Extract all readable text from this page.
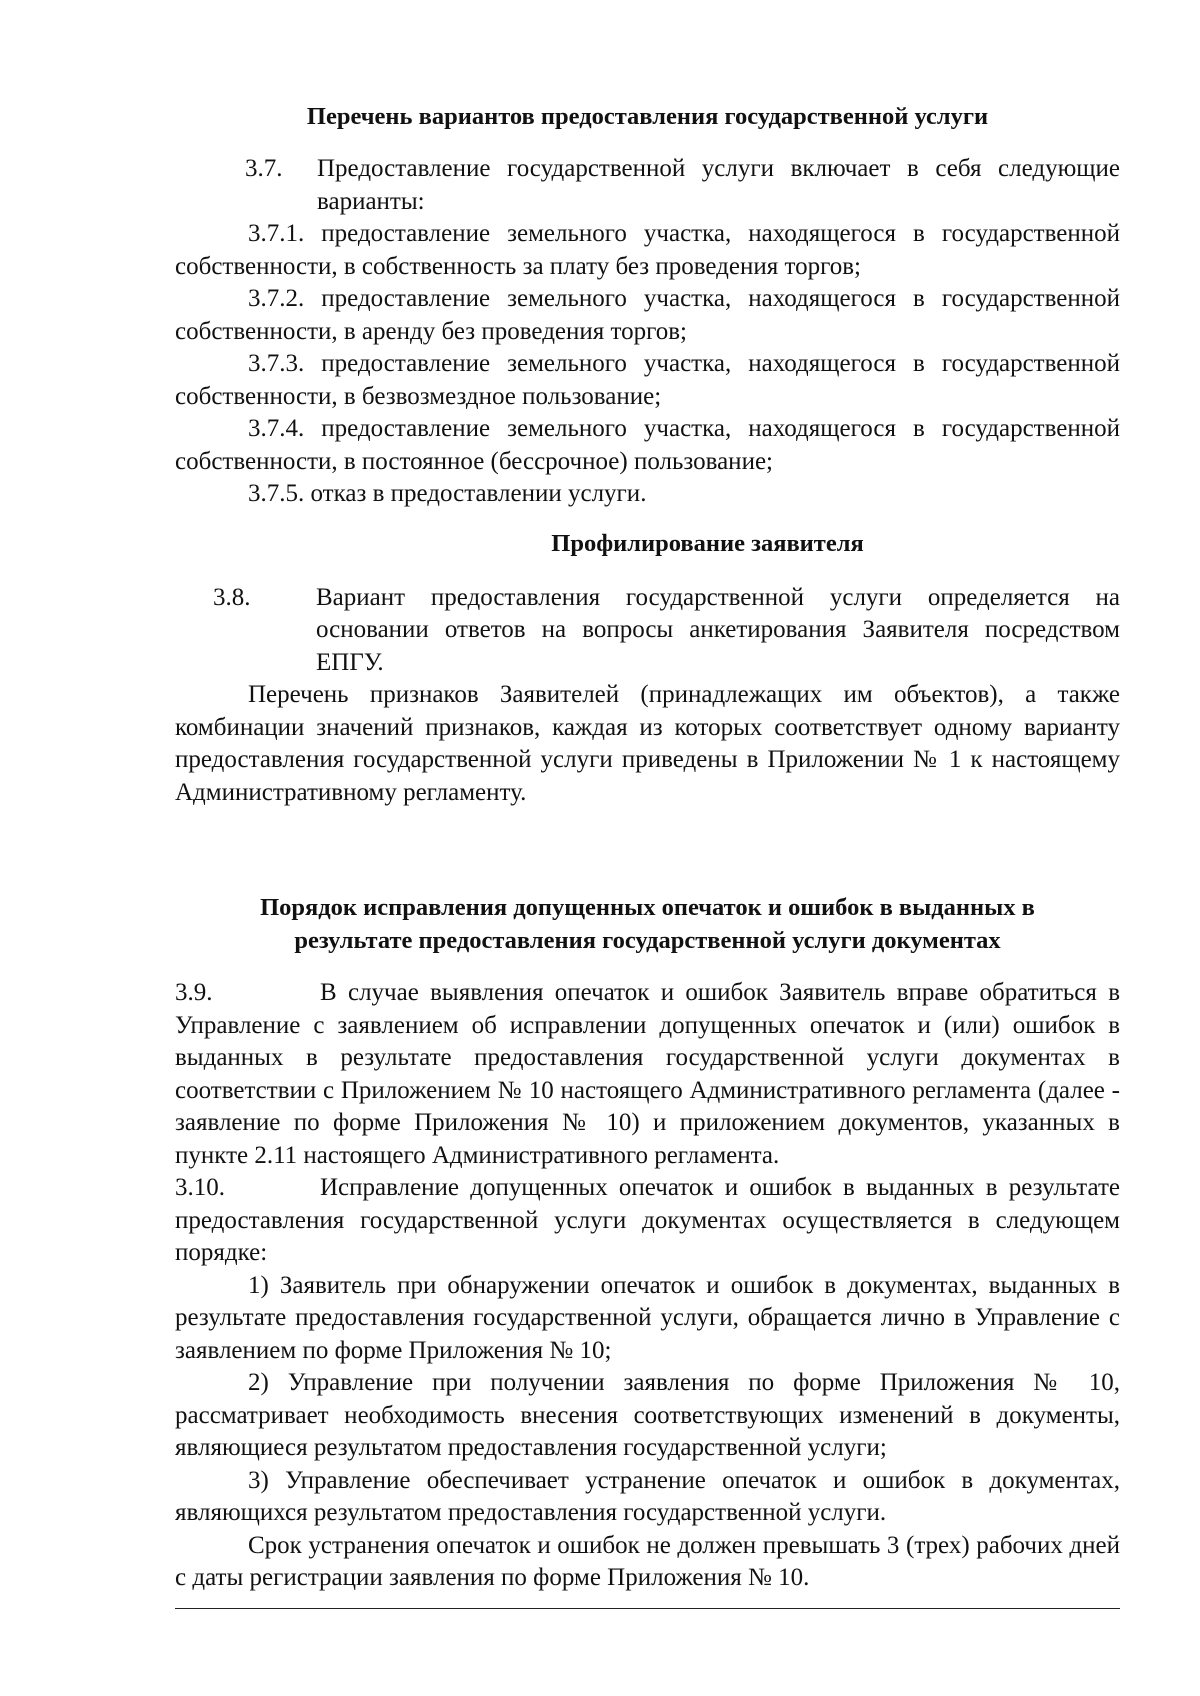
Перечень вариантов предоставления государственной услуги

3.7.	Предоставление государственной услуги включает в себя следующие варианты:

3.7.1. предоставление земельного участка, находящегося в государственной собственности, в собственность за плату без проведения торгов;

3.7.2. предоставление земельного участка, находящегося в государственной собственности, в аренду без проведения торгов;

3.7.3. предоставление земельного участка, находящегося в государственной собственности, в безвозмездное пользование;

3.7.4. предоставление земельного участка, находящегося в государственной собственности, в постоянное (бессрочное) пользование;

3.7.5. отказ в предоставлении услуги.

Профилирование заявителя

3.8.	Вариант предоставления государственной услуги определяется на основании ответов на вопросы анкетирования Заявителя посредством ЕПГУ.

Перечень признаков Заявителей (принадлежащих им объектов), а также комбинации значений признаков, каждая из которых соответствует одному варианту предоставления государственной услуги приведены в Приложении № 1 к настоящему Административному регламенту.

Порядок исправления допущенных опечаток и ошибок в выданных в
результате предоставления государственной услуги документах

3.9.	В случае выявления опечаток и ошибок Заявитель вправе обратиться в Управление с заявлением об исправлении допущенных опечаток и (или) ошибок в выданных в результате предоставления государственной услуги документах в соответствии с Приложением № 10 настоящего Административного регламента (далее - заявление по форме Приложения № 10) и приложением документов, указанных в пункте 2.11 настоящего Административного регламента.

3.10.	Исправление допущенных опечаток и ошибок в выданных в результате предоставления государственной услуги документах осуществляется в следующем порядке:

1) Заявитель при обнаружении опечаток и ошибок в документах, выданных в результате предоставления государственной услуги, обращается лично в Управление с заявлением по форме Приложения № 10;

2) Управление при получении заявления по форме Приложения № 10, рассматривает необходимость внесения соответствующих изменений в документы, являющиеся результатом предоставления государственной услуги;

3) Управление обеспечивает устранение опечаток и ошибок в документах, являющихся результатом предоставления государственной услуги.

Срок устранения опечаток и ошибок не должен превышать 3 (трех) рабочих дней с даты регистрации заявления по форме Приложения № 10.
